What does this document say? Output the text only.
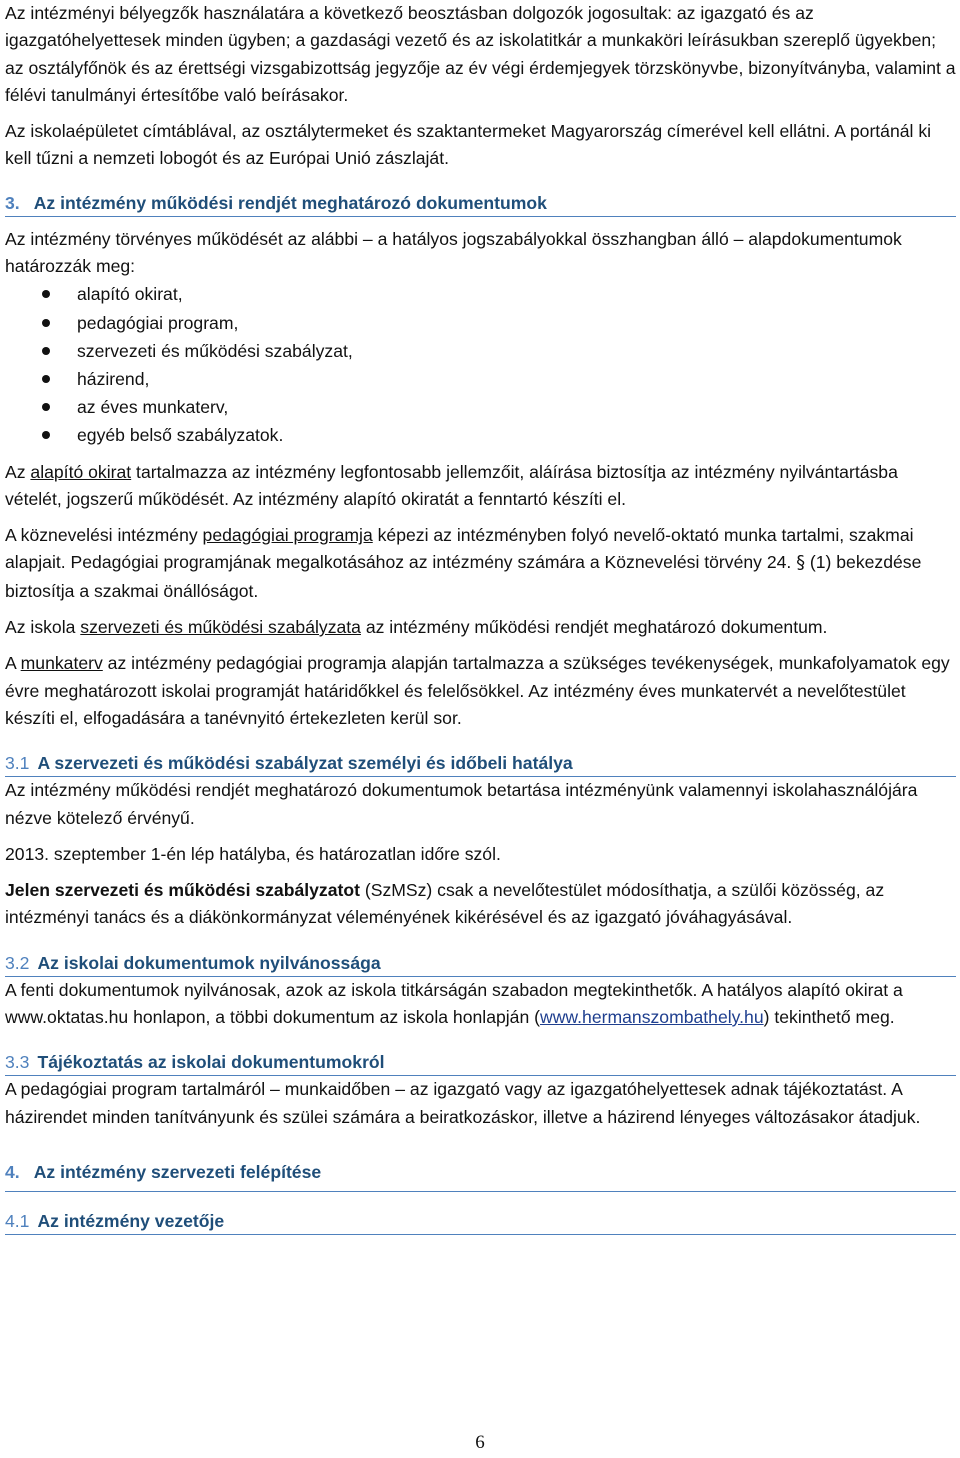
Az intézményi bélyegzők használatára a következő beosztásban dolgozók jogosultak: az igazgató és az igazgatóhelyettesek minden ügyben; a gazdasági vezető és az iskolatitkár a munkaköri leírásukban szereplő ügyekben; az osztályfőnök és az érettségi vizsgabizottság jegyzője az év végi érdemjegyek törzskönyvbe, bizonyítványba, valamint a félévi tanulmányi értesítőbe való beírásakor.

Az iskolaépületet címtáblával, az osztálytermeket és szaktantermeket Magyarország címerével kell ellátni. A portánál ki kell tűzni a nemzeti lobogót és az Európai Unió zászlaját.

3. Az intézmény működési rendjét meghatározó dokumentumok

Az intézmény törvényes működését az alábbi – a hatályos jogszabályokkal összhangban álló – alapdokumentumok határozzák meg:

alapító okirat,
pedagógiai program,
szervezeti és működési szabályzat,
házirend,
az éves munkaterv,
egyéb belső szabályzatok.

Az alapító okirat tartalmazza az intézmény legfontosabb jellemzőit, aláírása biztosítja az intézmény nyilvántartásba vételét, jogszerű működését. Az intézmény alapító okiratát a fenntartó készíti el.

A köznevelési intézmény pedagógiai programja képezi az intézményben folyó nevelő-oktató munka tartalmi, szakmai alapjait. Pedagógiai programjának megalkotásához az intézmény számára a Köznevelési törvény 24. § (1) bekezdése biztosítja a szakmai önállóságot.

Az iskola szervezeti és működési szabályzata az intézmény működési rendjét meghatározó dokumentum.

A munkaterv az intézmény pedagógiai programja alapján tartalmazza a szükséges tevékenységek, munkafolyamatok egy évre meghatározott iskolai programját határidőkkel és felelősökkel. Az intézmény éves munkatervét a nevelőtestület készíti el, elfogadására a tanévnyitó értekezleten kerül sor.

3.1 A szervezeti és működési szabályzat személyi és időbeli hatálya

Az intézmény működési rendjét meghatározó dokumentumok betartása intézményünk valamennyi iskolahasználójára nézve kötelező érvényű.

2013. szeptember 1-én lép hatályba, és határozatlan időre szól.

Jelen szervezeti és működési szabályzatot (SzMSz) csak a nevelőtestület módosíthatja, a szülői közösség, az intézményi tanács és a diákönkormányzat véleményének kikérésével és az igazgató jóváhagyásával.

3.2 Az iskolai dokumentumok nyilvánossága

A fenti dokumentumok nyilvánosak, azok az iskola titkárságán szabadon megtekinthetők. A hatályos alapító okirat a www.oktatas.hu honlapon, a többi dokumentum az iskola honlapján (www.hermanszombathely.hu) tekinthető meg.

3.3 Tájékoztatás az iskolai dokumentumokról

A pedagógiai program tartalmáról – munkaidőben – az igazgató vagy az igazgatóhelyettesek adnak tájékoztatást. A házirendet minden tanítványunk és szülei számára a beiratkozáskor, illetve a házirend lényeges változásakor átadjuk.

4. Az intézmény szervezeti felépítése
4.1 Az intézmény vezetője
6
